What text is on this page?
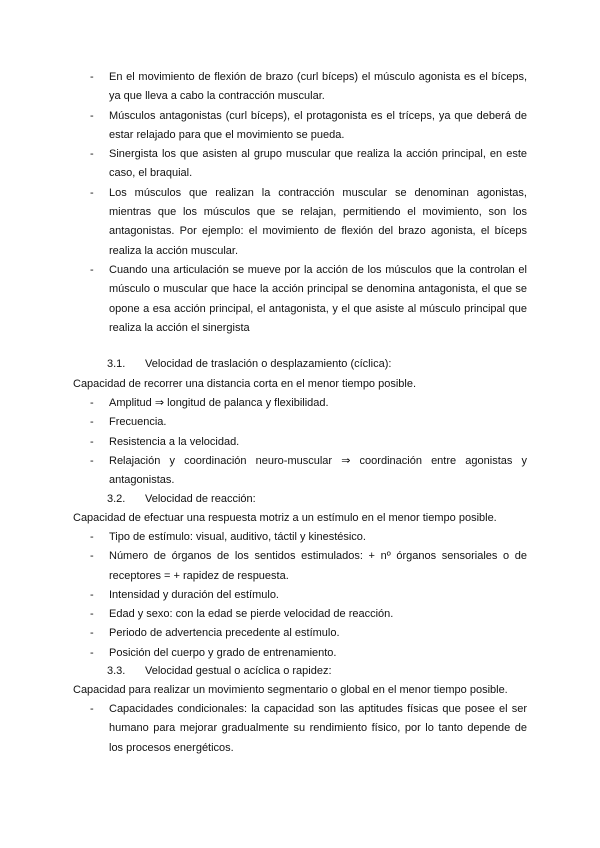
- En el movimiento de flexión de brazo (curl bíceps) el músculo agonista es el bíceps, ya que lleva a cabo la contracción muscular.
- Músculos antagonistas (curl bíceps), el protagonista es el tríceps, ya que deberá de estar relajado para que el movimiento se pueda.
- Sinergista los que asisten al grupo muscular que realiza la acción principal, en este caso, el braquial.
- Los músculos que realizan la contracción muscular se denominan agonistas, mientras que los músculos que se relajan, permitiendo el movimiento, son los antagonistas. Por ejemplo: el movimiento de flexión del brazo agonista, el bíceps realiza la acción muscular.
- Cuando una articulación se mueve por la acción de los músculos que la controlan el músculo o muscular que hace la acción principal se denomina antagonista, el que se opone a esa acción principal, el antagonista, y el que asiste al músculo principal que realiza la acción el sinergista
3.1. Velocidad de traslación o desplazamiento (cíclica):
Capacidad de recorrer una distancia corta en el menor tiempo posible.
- Amplitud ⇒ longitud de palanca y flexibilidad.
- Frecuencia.
- Resistencia a la velocidad.
- Relajación y coordinación neuro-muscular ⇒ coordinación entre agonistas y antagonistas.
3.2. Velocidad de reacción:
Capacidad de efectuar una respuesta motriz a un estímulo en el menor tiempo posible.
- Tipo de estímulo: visual, auditivo, táctil y kinestésico.
- Número de órganos de los sentidos estimulados: + nº órganos sensoriales o de receptores = + rapidez de respuesta.
- Intensidad y duración del estímulo.
- Edad y sexo: con la edad se pierde velocidad de reacción.
- Periodo de advertencia precedente al estímulo.
- Posición del cuerpo y grado de entrenamiento.
3.3. Velocidad gestual o acíclica o rapidez:
Capacidad para realizar un movimiento segmentario o global en el menor tiempo posible.
- Capacidades condicionales: la capacidad son las aptitudes físicas que posee el ser humano para mejorar gradualmente su rendimiento físico, por lo tanto depende de los procesos energéticos.
